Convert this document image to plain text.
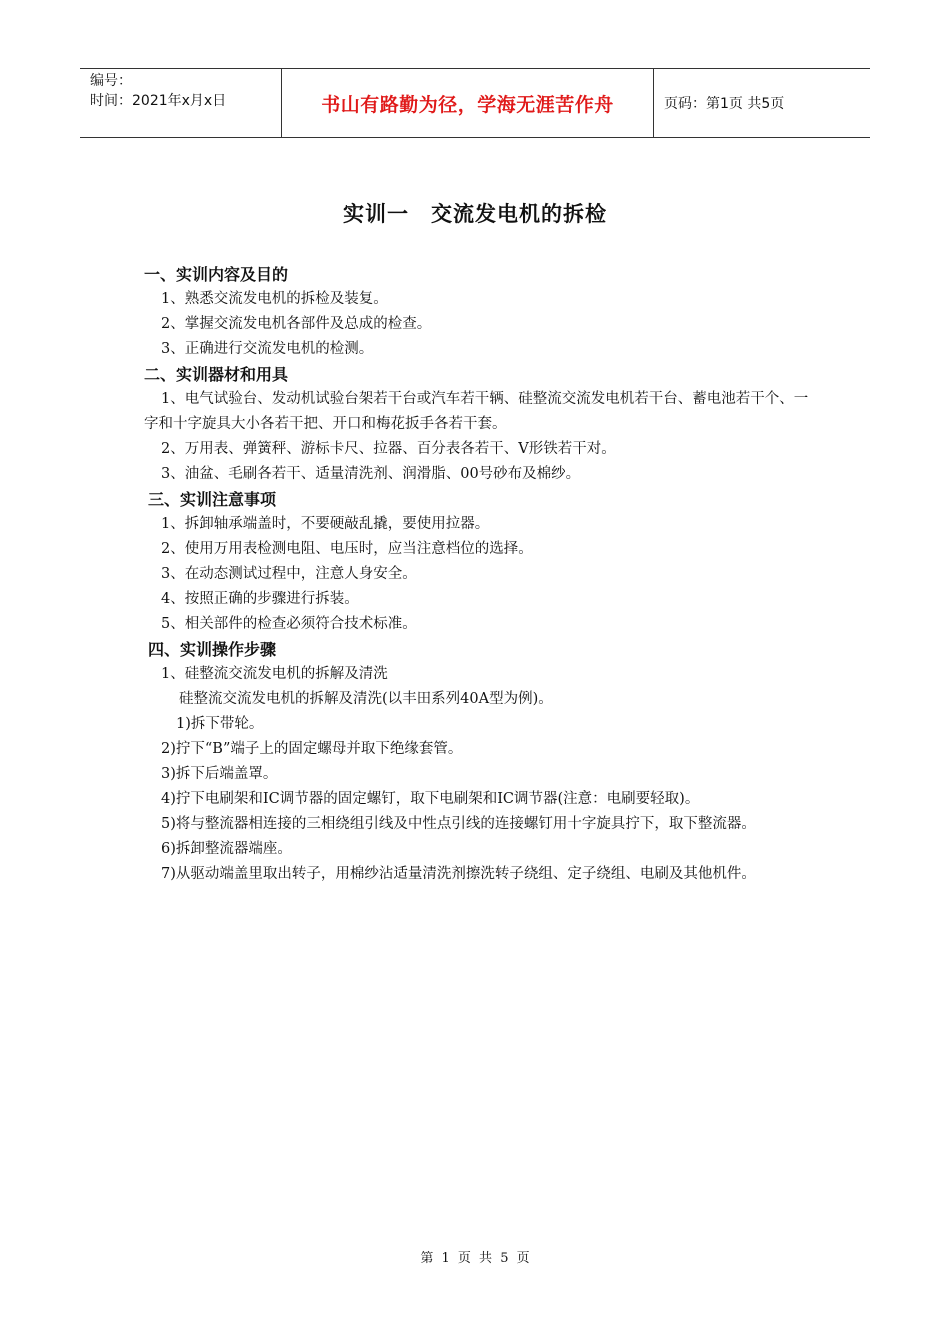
编号：
时间：2021年x月x日	书山有路勤为径，学海无涯苦作舟	页码：第1页 共5页
实训一　交流发电机的拆检
一、实训内容及目的
1、熟悉交流发电机的拆检及装复。
2、掌握交流发电机各部件及总成的检查。
3、正确进行交流发电机的检测。
二、实训器材和用具
1、电气试验台、发动机试验台架若干台或汽车若干辆、硅整流交流发电机若干台、蓄电池若干个、一字和十字旋具大小各若干把、开口和梅花扳手各若干套。
2、万用表、弹簧秤、游标卡尺、拉器、百分表各若干、V形铁若干对。
3、油盆、毛刷各若干、适量清洗剂、润滑脂、00号砂布及棉纱。
三、实训注意事项
1、拆卸轴承端盖时，不要硬敲乱撬，要使用拉器。
2、使用万用表检测电阻、电压时，应当注意档位的选择。
3、在动态测试过程中，注意人身安全。
4、按照正确的步骤进行拆装。
5、相关部件的检查必须符合技术标准。
四、实训操作步骤
1、硅整流交流发电机的拆解及清洗
硅整流交流发电机的拆解及清洗(以丰田系列40A型为例)。
1)拆下带轮。
2)拧下“B”端子上的固定螺母并取下绝缘套管。
3)拆下后端盖罩。
4)拧下电刷架和IC调节器的固定螺钉，取下电刷架和IC调节器(注意：电刷要轻取)。
5)将与整流器相连接的三相绕组引线及中性点引线的连接螺钉用十字旋具拧下，取下整流器。
6)拆卸整流器端座。
7)从驱动端盖里取出转子，用棉纱沾适量清洗剂擦洗转子绕组、定子绕组、电刷及其他机件。
第 1 页 共 5 页
